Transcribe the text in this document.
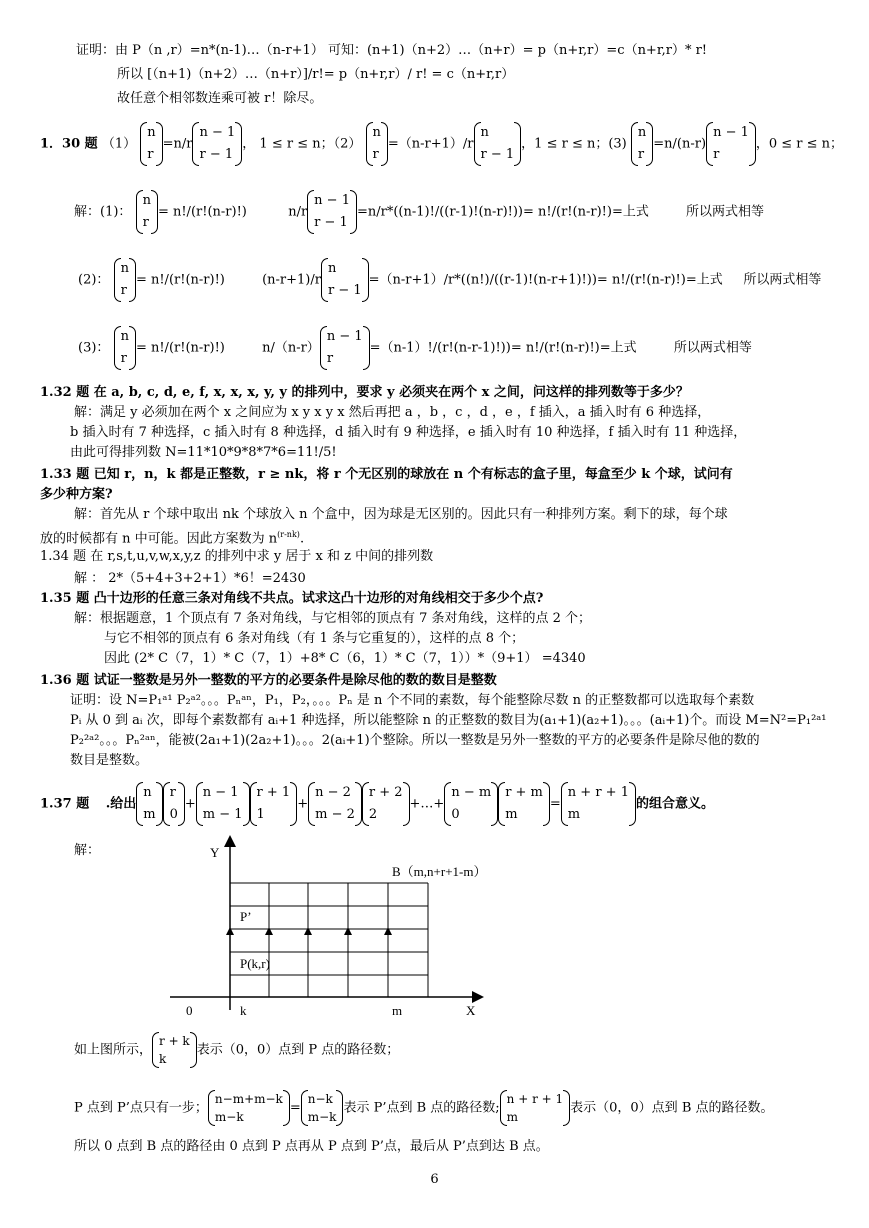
证明：由 P（n ,r）=n*(n-1)…（n-r+1） 可知：(n+1)（n+2）…（n+r）= p（n+r,r）=c（n+r,r）* r!
所以 [（n+1)（n+2）…（n+r）]/r!= p（n+r,r）/ r! = c（n+r,r）
故任意个相邻数连乘可被 r！除尽。
1．30 题 （1）
n
r
=n/r
n − 1
r − 1
， 1 ≤ r ≤ n；（2）
n
r
=（n-r+1）/r
n
r − 1
，1 ≤ r ≤ n；(3)
n
r
=n/(n-r)
n − 1
r
，0 ≤ r ≤ n；
解：(1)：
n
r
= n!/(r!(n-r)!)	n/r
n − 1
r − 1
=n/r*((n-1)!/((r-1)!(n-r)!))= n!/(r!(n-r)!)=上式	所以两式相等
(2)：
n
r
= n!/(r!(n-r)!)	(n-r+1)/r
n
r − 1
=（n-r+1）/r*((n!)/((r-1)!(n-r+1)!))= n!/(r!(n-r)!)=上式 所以两式相等
(3)：
n
r
= n!/(r!(n-r)!)	n/（n-r）
n − 1
r
=（n-1）!/(r!(n-r-1)!))= n!/(r!(n-r)!)=上式	所以两式相等
1.32 题 在 a, b, c, d, e, f, x, x, x, y, y 的排列中，要求 y 必须夹在两个 x 之间，问这样的排列数等于多少？
解：满足 y 必须加在两个 x 之间应为 x y x y x 然后再把 a ，b ，c ，d ，e ，f 插入，a 插入时有 6 种选择，
b 插入时有 7 种选择，c 插入时有 8 种选择，d 插入时有 9 种选择，e 插入时有 10 种选择，f 插入时有 11 种选择，
由此可得排列数 N=11*10*9*8*7*6=11!/5!
1.33 题 已知 r，n，k 都是正整数，r ≥ nk，将 r 个无区别的球放在 n 个有标志的盒子里，每盒至少 k 个球，试问有
多少种方案?
解：首先从 r 个球中取出 nk 个球放入 n 个盒中，因为球是无区别的。因此只有一种排列方案。剩下的球，每个球
放的时候都有 n 中可能。因此方案数为 $n^{(r-nk)}$.
1.34 题 在 r,s,t,u,v,w,x,y,z 的排列中求 y 居于 x 和 z 中间的排列数
解 ： 2*（5+4+3+2+1）*6！=2430
1.35 题 凸十边形的任意三条对角线不共点。试求这凸十边形的对角线相交于多少个点?
解：根据题意，1 个顶点有 7 条对角线，与它相邻的顶点有 7 条对角线，这样的点 2 个；
与它不相邻的顶点有 6 条对角线（有 1 条与它重复的），这样的点 8 个；
因此 (2* C（7，1）* C（7，1）+8* C（6，1）* C（7，1））*（9+1） =4340
1.36 题 试证一整数是另外一整数的平方的必要条件是除尽他的数的数目是整数
证明：设 N=P₁ᵃ¹ P₂ᵃ²。。。Pₙᵃⁿ，P₁，P₂，。。。Pₙ 是 n 个不同的素数，每个能整除尽数 n 的正整数都可以选取每个素数
Pᵢ 从 0 到 aᵢ 次，即每个素数都有 aᵢ+1 种选择，所以能整除 n 的正整数的数目为(a₁+1)(a₂+1)。。。(aᵢ+1)个。而设 M=N²=P₁²ᵃ¹
P₂²ᵃ²。。。Pₙ²ᵃⁿ，能被(2a₁+1)(2a₂+1)。。。2(aᵢ+1)个整除。所以一整数是另外一整数的平方的必要条件是除尽他的数的
数目是整数。
1.37 题 .给出
n
m
r
0
+
n − 1
m − 1
r + 1
1
+
n − 2
m − 2
r + 2
2
+…+
n − m
0
r + m
m
=
n + r + 1
m
的组合意义。
解：	Y
X
0	k	m
B（m,n+r+1-m）
P’
P(k,r)
如上图所示，
r + k
k
表示（0，0）点到 P 点的路径数；
P 点到 P’点只有一步；
n−m+m−k
m−k
=
n−k
m−k
表示 P’点到 B 点的路径数;
n + r + 1
m
表示（0，0）点到 B 点的路径数。
所以 0 点到 B 点的路径由 0 点到 P 点再从 P 点到 P’点，最后从 P’点到达 B 点。
6
